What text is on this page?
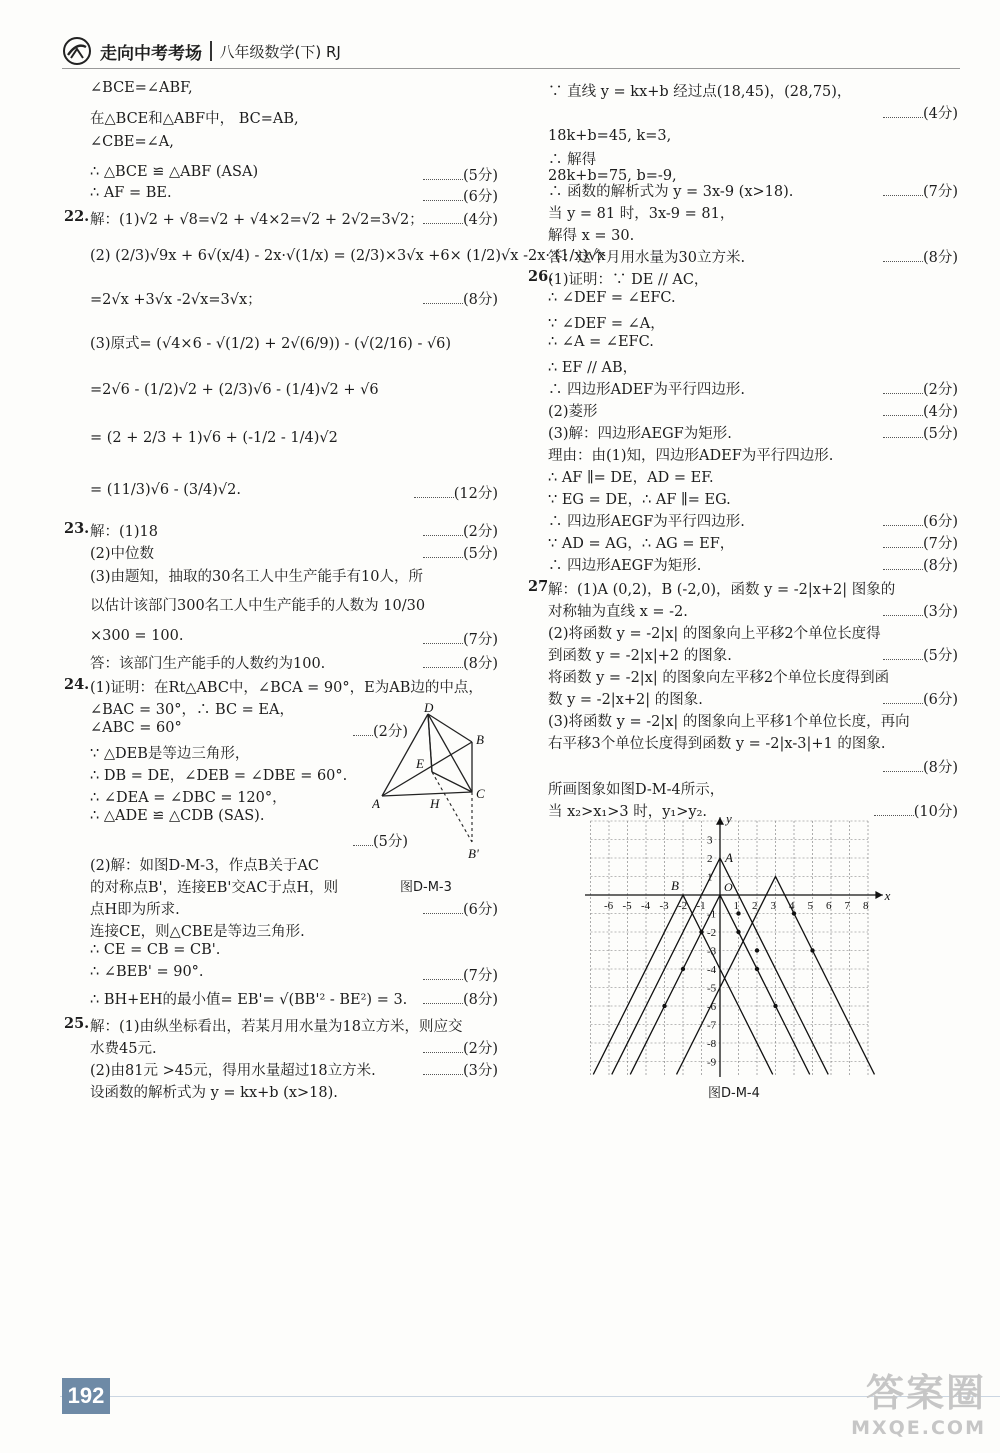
走向中考考场 八年级数学(下) RJ
∠BCE=∠ABF,
在△BCE和△ABF中， BC=AB,
∠CBE=∠A,
∴ △BCE ≌ △ABF (ASA)	(5分)
∴ AF = BE.	(6分)
22. 解：(1)√2 + √8=√2 + √4×2=√2 + 2√2=3√2；	(4分)
(2) (2/3)√9x + 6√(x/4) - 2x·√(1/x) = (2/3)×3√x +6× (1/2)√x -2x· (1/x)√x
=2√x +3√x -2√x=3√x；	(8分)
(3)原式= (√4×6 - √(1/2) + 2√(6/9)) - (√(2/16) - √6)
=2√6 - (1/2)√2 + (2/3)√6 - (1/4)√2 + √6
= (2 + 2/3 + 1)√6 + (-1/2 - 1/4)√2
= (11/3)√6 - (3/4)√2.	(12分)
23. 解：(1)18	(2分)
(2)中位数	(5分)
(3)由题知，抽取的30名工人中生产能手有10人，所
以估计该部门300名工人中生产能手的人数为 10/30
×300 = 100.	(7分)
答：该部门生产能手的人数约为100.	(8分)
24. (1)证明：在Rt△ABC中，∠BCA = 90°，E为AB边的中点，
∠BAC = 30°，∴ BC = EA，
∠ABC = 60°	(2分)
∵ △DEB是等边三角形，
∴ DB = DE，∠DEB = ∠DBE = 60°.
∴ ∠DEA = ∠DBC = 120°，
∴ △ADE ≌ △CDB (SAS).
(5分)
(2)解：如图D-M-3，作点B关于AC
的对称点B'，连接EB'交AC于点H，则
点H即为所求.	(6分)
连接CE，则△CBE是等边三角形.
∴ CE = CB = CB'.
∴ ∠BEB' = 90°.	(7分)
∴ BH+EH的最小值= EB'= √(BB'² - BE²) = 3.	(8分)
25. 解：(1)由纵坐标看出，若某月用水量为18立方米，则应交
水费45元.	(2分)
(2)由81元 >45元，得用水量超过18立方米.	(3分)
设函数的解析式为 y = kx+b (x>18).
∵ 直线 y = kx+b 经过点(18,45)，(28,75)，
(4分)
18k+b=45, k=3,
∴ 解得
28k+b=75, b=-9,
∴ 函数的解析式为 y = 3x-9 (x>18).	(7分)
当 y = 81 时，3x-9 = 81，
解得 x = 30.
答：这个月用水量为30立方米.	(8分)
26.
(1)证明：∵ DE // AC，
∴ ∠DEF = ∠EFC.
∵ ∠DEF = ∠A，
∴ ∠A = ∠EFC.
∴ EF // AB，
∴ 四边形ADEF为平行四边形.	(2分)
(2)菱形	(4分)
(3)解：四边形AEGF为矩形.	(5分)
理由：由(1)知，四边形ADEF为平行四边形.
∴ AF ∥= DE，AD = EF.
∵ EG = DE，∴ AF ∥= EG.
∴ 四边形AEGF为平行四边形.	(6分)
∵ AD = AG，∴ AG = EF，	(7分)
∴ 四边形AEGF为矩形.	(8分)
27 解：(1)A (0,2)，B (-2,0)，函数 y = -2|x+2| 图象的
对称轴为直线 x = -2.	(3分)
(2)将函数 y = -2|x| 的图象向上平移2个单位长度得
到函数 y = -2|x|+2 的图象.	(5分)
将函数 y = -2|x| 的图象向左平移2个单位长度得到函
数 y = -2|x+2| 的图象.	(6分)
(3)将函数 y = -2|x| 的图象向上平移1个单位长度，再向
右平移3个单位长度得到函数 y = -2|x-3|+1 的图象.
(8分)
所画图象如图D-M-4所示，
当 x₂>x₁>3 时，y₁>y₂.	(10分)
D
B
E
A	H
C
B'
图D-M-3
-6 -5 -4 -3 -2 -1	1 2 3 4 5 6 7 8
3
2
1
-1
-2
-3
-4
-5
-6
-7
-8
-9
x
y
O
A
B
图D-M-4
192	答案圈
MXQE.COM
